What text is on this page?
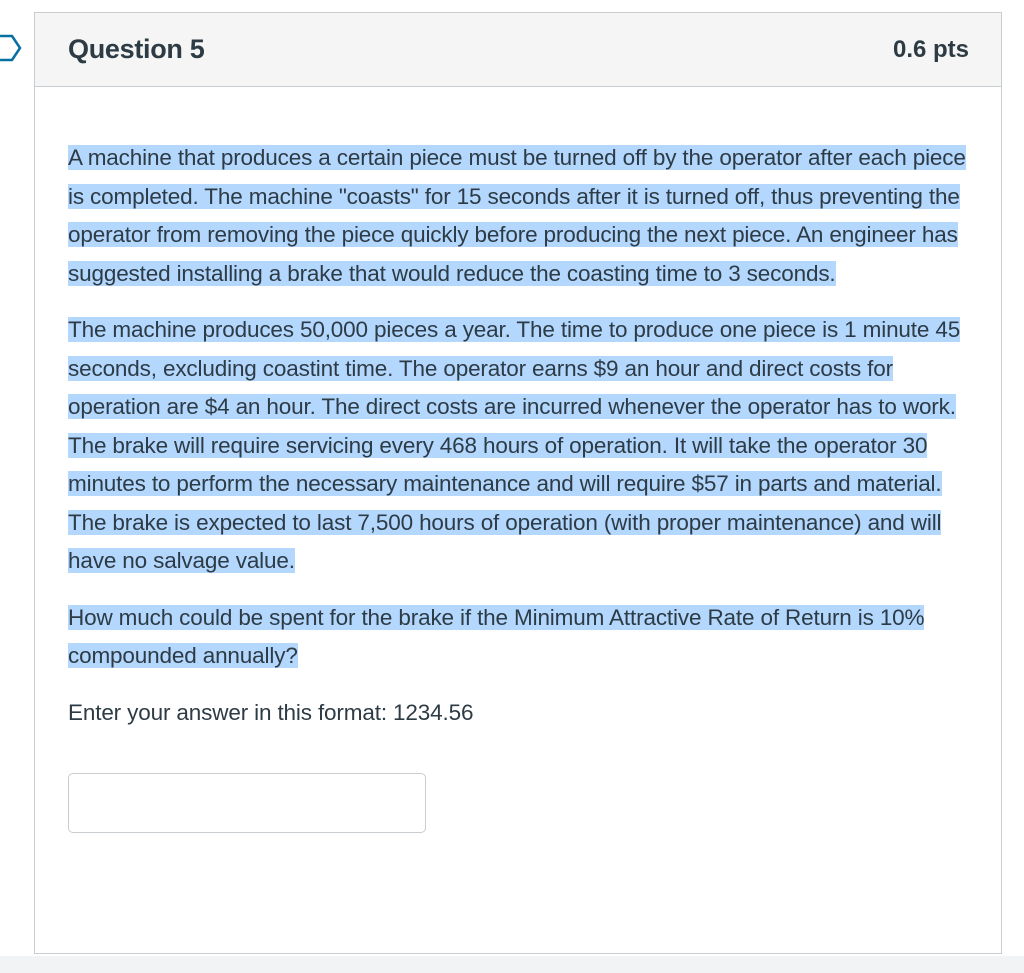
Question 5	0.6 pts

A machine that produces a certain piece must be turned off by the operator after each piece is completed. The machine "coasts" for 15 seconds after it is turned off, thus preventing the operator from removing the piece quickly before producing the next piece. An engineer has suggested installing a brake that would reduce the coasting time to 3 seconds.

The machine produces 50,000 pieces a year. The time to produce one piece is 1 minute 45 seconds, excluding coastint time. The operator earns $9 an hour and direct costs for operation are $4 an hour. The direct costs are incurred whenever the operator has to work. The brake will require servicing every 468 hours of operation. It will take the operator 30 minutes to perform the necessary maintenance and will require $57 in parts and material. The brake is expected to last 7,500 hours of operation (with proper maintenance) and will have no salvage value.

How much could be spent for the brake if the Minimum Attractive Rate of Return is 10% compounded annually?

Enter your answer in this format: 1234.56
